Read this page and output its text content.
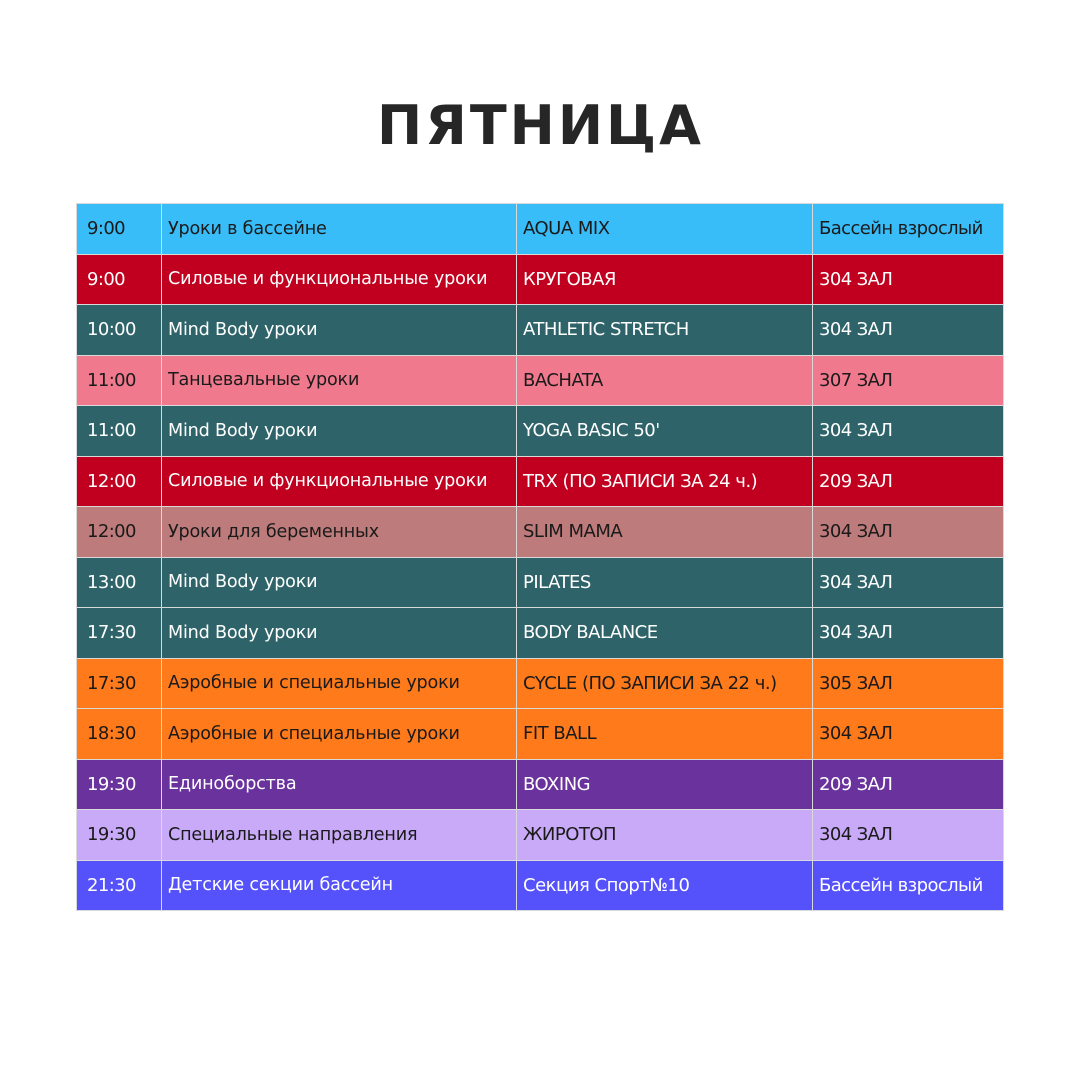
ПЯТНИЦА
9:00	Уроки в бассейне	AQUA MIX	Бассейн взрослый
9:00	Силовые и функциональные уроки	КРУГОВАЯ	304 ЗАЛ
10:00	Mind Body уроки	ATHLETIC STRETCH	304 ЗАЛ
11:00	Танцевальные уроки	BACHATA	307 ЗАЛ
11:00	Mind Body уроки	YOGA BASIC 50'	304 ЗАЛ
12:00	Силовые и функциональные уроки	TRX (ПО ЗАПИСИ ЗА 24 ч.)	209 ЗАЛ
12:00	Уроки для беременных	SLIM MAMA	304 ЗАЛ
13:00	Mind Body уроки	PILATES	304 ЗАЛ
17:30	Mind Body уроки	BODY BALANCE	304 ЗАЛ
17:30	Аэробные и специальные уроки	CYCLE (ПО ЗАПИСИ ЗА 22 ч.)	305 ЗАЛ
18:30	Аэробные и специальные уроки	FIT BALL	304 ЗАЛ
19:30	Единоборства	BOXING	209 ЗАЛ
19:30	Специальные направления	ЖИРОТОП	304 ЗАЛ
21:30	Детские секции бассейн	Секция Спорт№10	Бассейн взрослый
